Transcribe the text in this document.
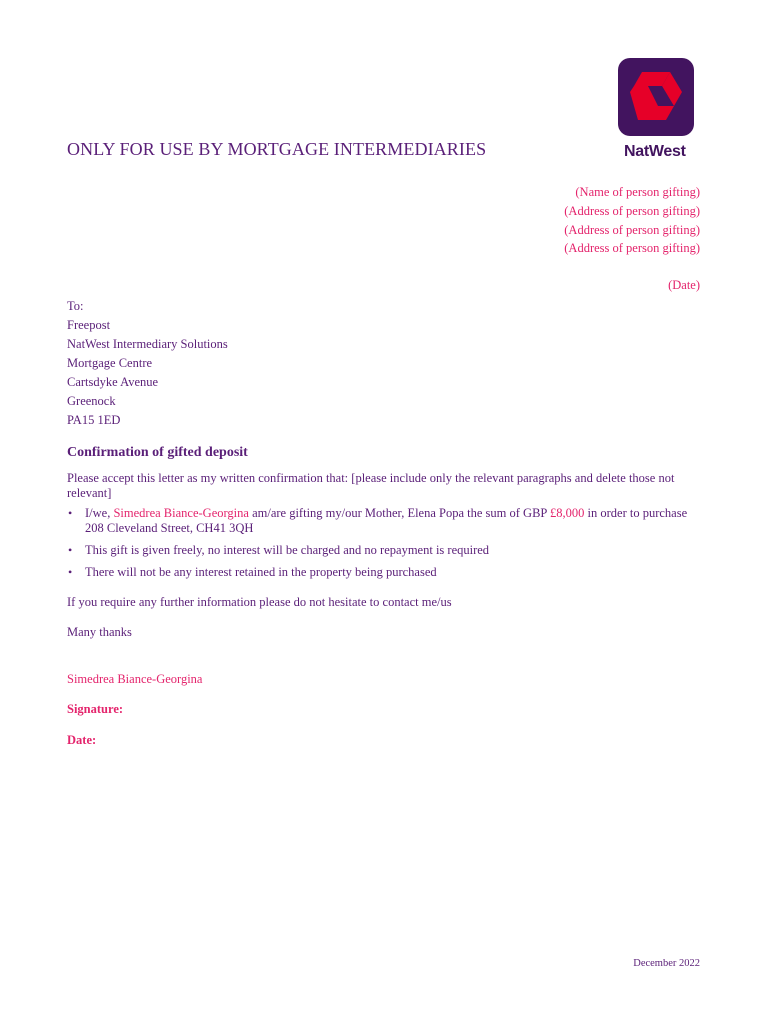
ONLY FOR USE BY MORTGAGE INTERMEDIARIES	NatWest
(Name of person gifting)
(Address of person gifting)
(Address of person gifting)
(Address of person gifting)
(Date)
To:
Freepost
NatWest Intermediary Solutions
Mortgage Centre
Cartsdyke Avenue
Greenock
PA15 1ED
Confirmation of gifted deposit
Please accept this letter as my written confirmation that: [please include only the relevant paragraphs and delete those not relevant]
• I/we, Simedrea Biance-Georgina am/are gifting my/our Mother, Elena Popa the sum of GBP £8,000 in order to purchase 208 Cleveland Street, CH41 3QH
• This gift is given freely, no interest will be charged and no repayment is required
• There will not be any interest retained in the property being purchased
If you require any further information please do not hesitate to contact me/us
Many thanks
Simedrea Biance-Georgina
Signature:
Date:
December 2022
